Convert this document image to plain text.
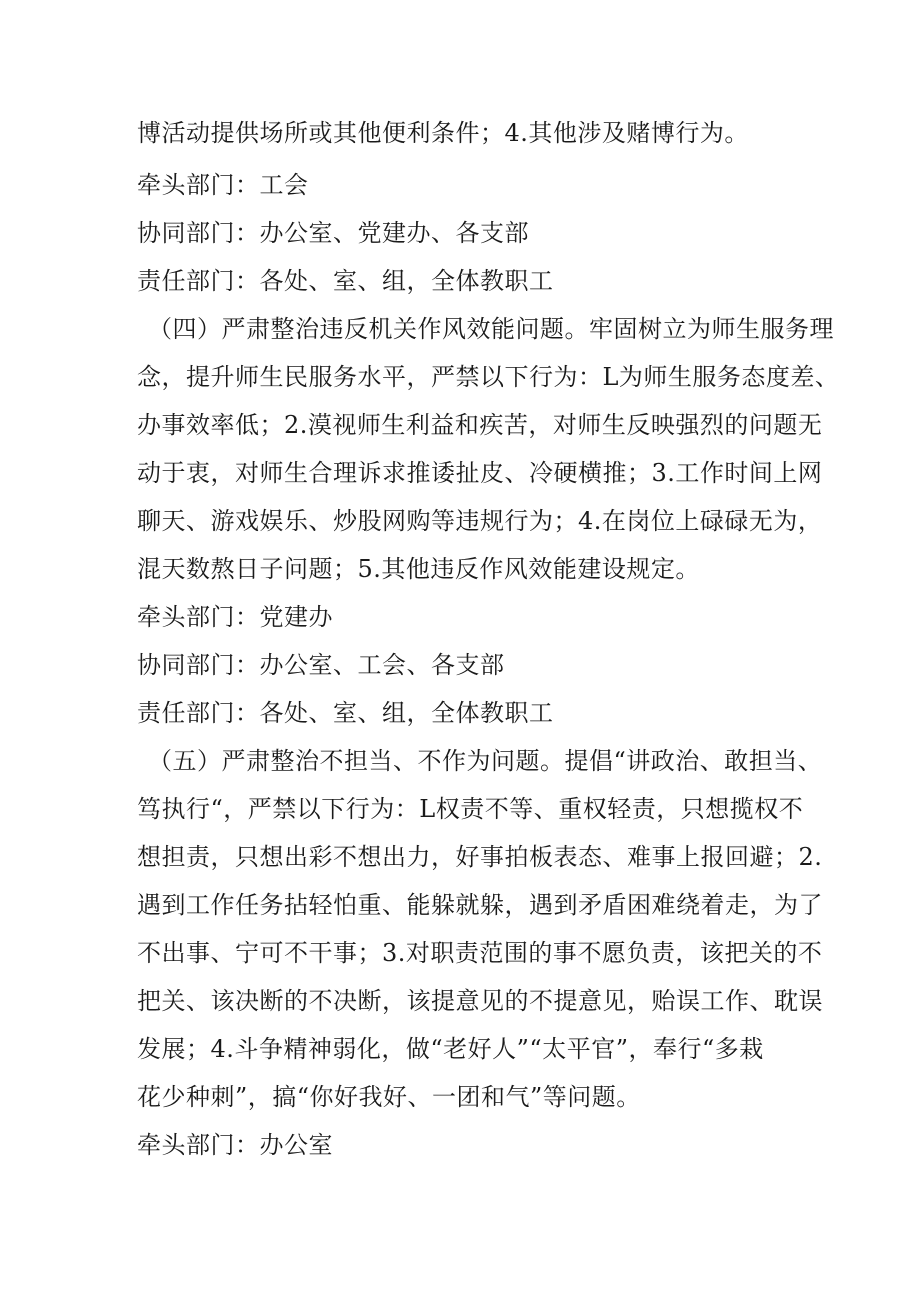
博活动提供场所或其他便利条件；4.其他涉及赌博行为。
牵头部门：工会
协同部门：办公室、党建办、各支部
责任部门：各处、室、组，全体教职工
（四）严肃整治违反机关作风效能问题。牢固树立为师生服务理
念，提升师生民服务水平，严禁以下行为：L为师生服务态度差、
办事效率低；2.漠视师生利益和疾苦，对师生反映强烈的问题无
动于衷，对师生合理诉求推诿扯皮、冷硬横推；3.工作时间上网
聊天、游戏娱乐、炒股网购等违规行为；4.在岗位上碌碌无为，
混天数熬日子问题；5.其他违反作风效能建设规定。
牵头部门：党建办
协同部门：办公室、工会、各支部
责任部门：各处、室、组，全体教职工
（五）严肃整治不担当、不作为问题。提倡“讲政治、敢担当、
笃执行“，严禁以下行为：L权责不等、重权轻责，只想揽权不
想担责，只想出彩不想出力，好事拍板表态、难事上报回避；2.
遇到工作任务拈轻怕重、能躲就躲，遇到矛盾困难绕着走，为了
不出事、宁可不干事；3.对职责范围的事不愿负责，该把关的不
把关、该决断的不决断，该提意见的不提意见，贻误工作、耽误
发展；4.斗争精神弱化，做“老好人”“太平官”，奉行“多栽
花少种刺”，搞“你好我好、一团和气”等问题。
牵头部门：办公室
